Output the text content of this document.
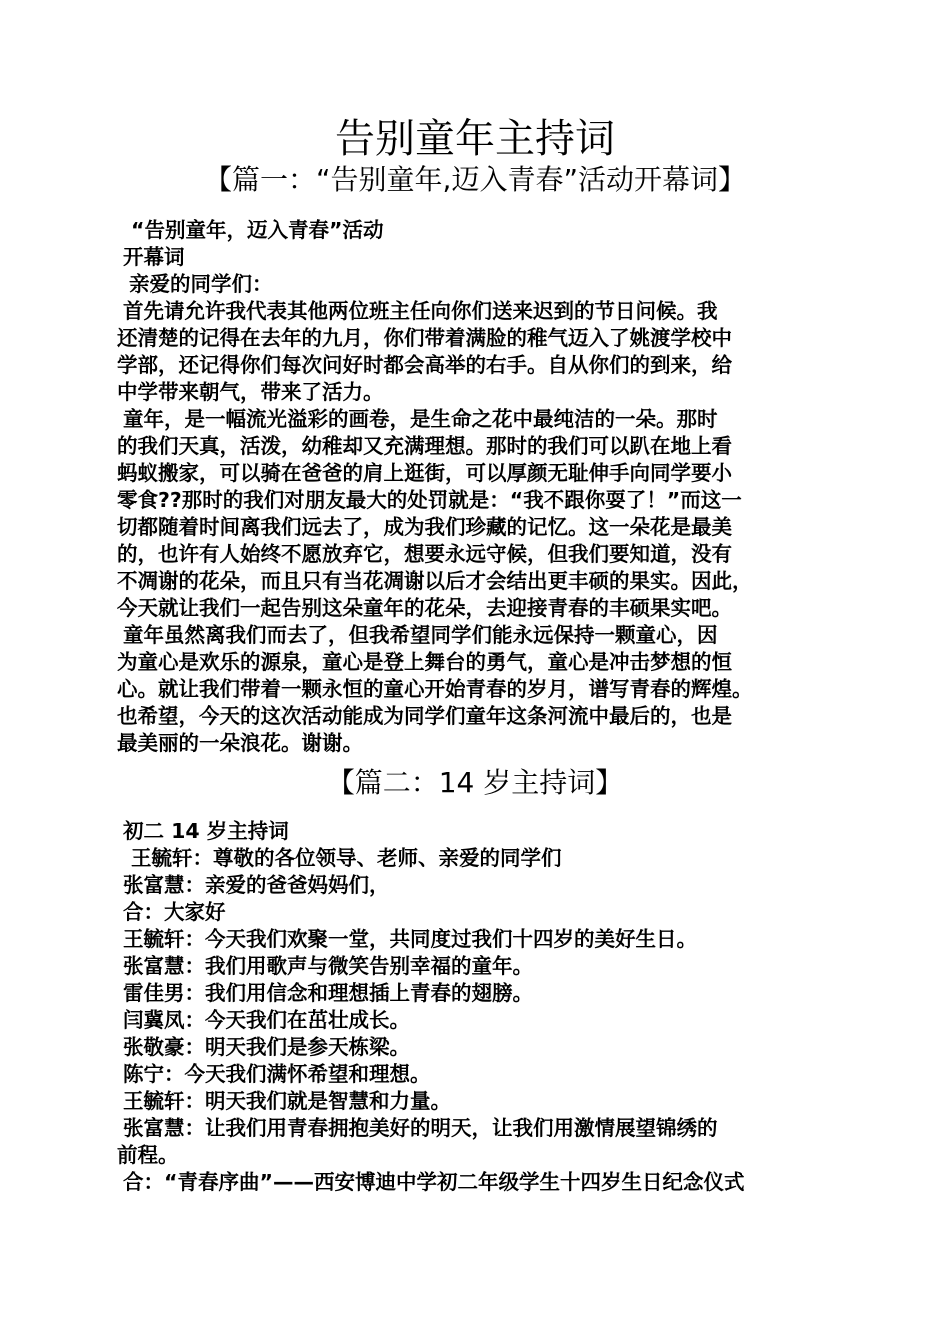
告别童年主持词
【篇一：“告别童年,迈入青春”活动开幕词】
“告别童年，迈入青春”活动
开幕词
亲爱的同学们：
首先请允许我代表其他两位班主任向你们送来迟到的节日问候。我
还清楚的记得在去年的九月，你们带着满脸的稚气迈入了姚渡学校中
学部，还记得你们每次问好时都会高举的右手。自从你们的到来，给
中学带来朝气，带来了活力。
童年，是一幅流光溢彩的画卷，是生命之花中最纯洁的一朵。那时
的我们天真，活泼，幼稚却又充满理想。那时的我们可以趴在地上看
蚂蚁搬家，可以骑在爸爸的肩上逛街，可以厚颜无耻伸手向同学要小
零食??那时的我们对朋友最大的处罚就是：“我不跟你耍了！”而这一
切都随着时间离我们远去了，成为我们珍藏的记忆。这一朵花是最美
的，也许有人始终不愿放弃它，想要永远守候，但我们要知道，没有
不凋谢的花朵，而且只有当花凋谢以后才会结出更丰硕的果实。因此，
今天就让我们一起告别这朵童年的花朵，去迎接青春的丰硕果实吧。
童年虽然离我们而去了，但我希望同学们能永远保持一颗童心，因
为童心是欢乐的源泉，童心是登上舞台的勇气，童心是冲击梦想的恒
心。就让我们带着一颗永恒的童心开始青春的岁月，谱写青春的辉煌。
也希望，今天的这次活动能成为同学们童年这条河流中最后的，也是
最美丽的一朵浪花。谢谢。
【篇二：14 岁主持词】
初二 14 岁主持词
王毓轩：尊敬的各位领导、老师、亲爱的同学们
张富慧：亲爱的爸爸妈妈们，
合：大家好
王毓轩：今天我们欢聚一堂，共同度过我们十四岁的美好生日。
张富慧：我们用歌声与微笑告别幸福的童年。
雷佳男：我们用信念和理想插上青春的翅膀。
闫冀凤：今天我们在茁壮成长。
张敬豪：明天我们是参天栋梁。
陈宁：今天我们满怀希望和理想。
王毓轩：明天我们就是智慧和力量。
张富慧：让我们用青春拥抱美好的明天，让我们用激情展望锦绣的
前程。
合：“青春序曲”——西安博迪中学初二年级学生十四岁生日纪念仪式
